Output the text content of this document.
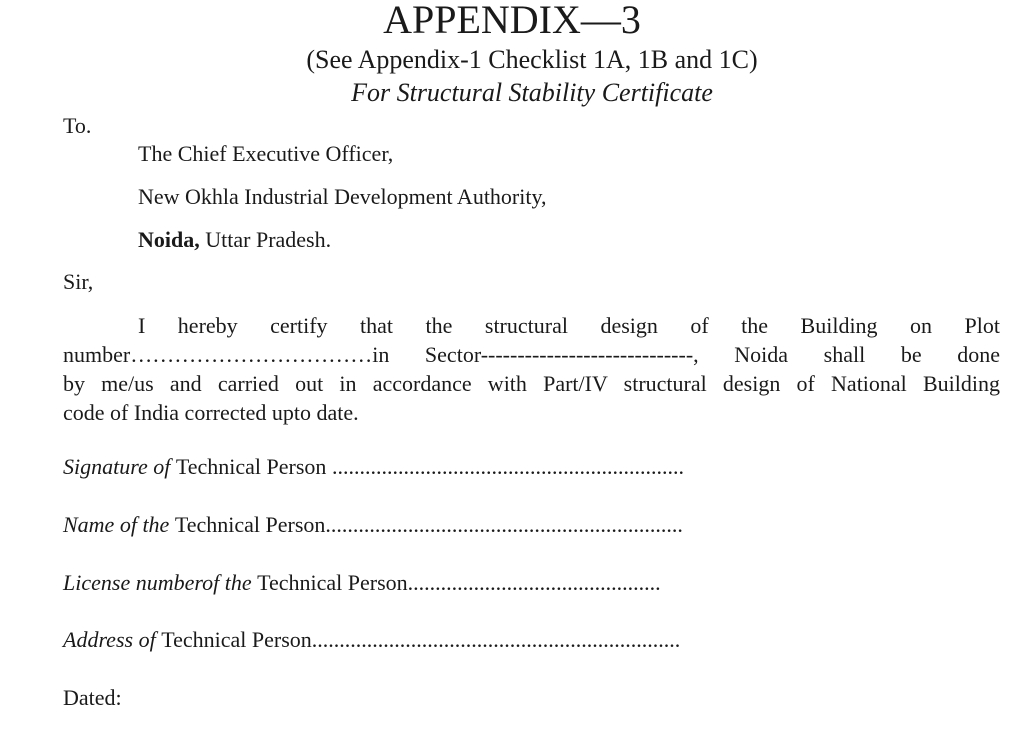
APPENDIX—3
(See Appendix-1 Checklist 1A, 1B and 1C)
For Structural Stability Certificate
To.
The Chief Executive Officer,
New Okhla Industrial Development Authority,
Noida, Uttar Pradesh.
Sir,
I hereby certify that the structural design of the Building on Plot
number……………………………in Sector-----------------------------, Noida shall be done
by me/us and carried out in accordance with Part/IV structural design of National Building
code of India corrected upto date.
Signature of Technical Person ................................................................
Name of the Technical Person.................................................................
License numberof the Technical Person..............................................
Address of Technical Person...................................................................
Dated:
